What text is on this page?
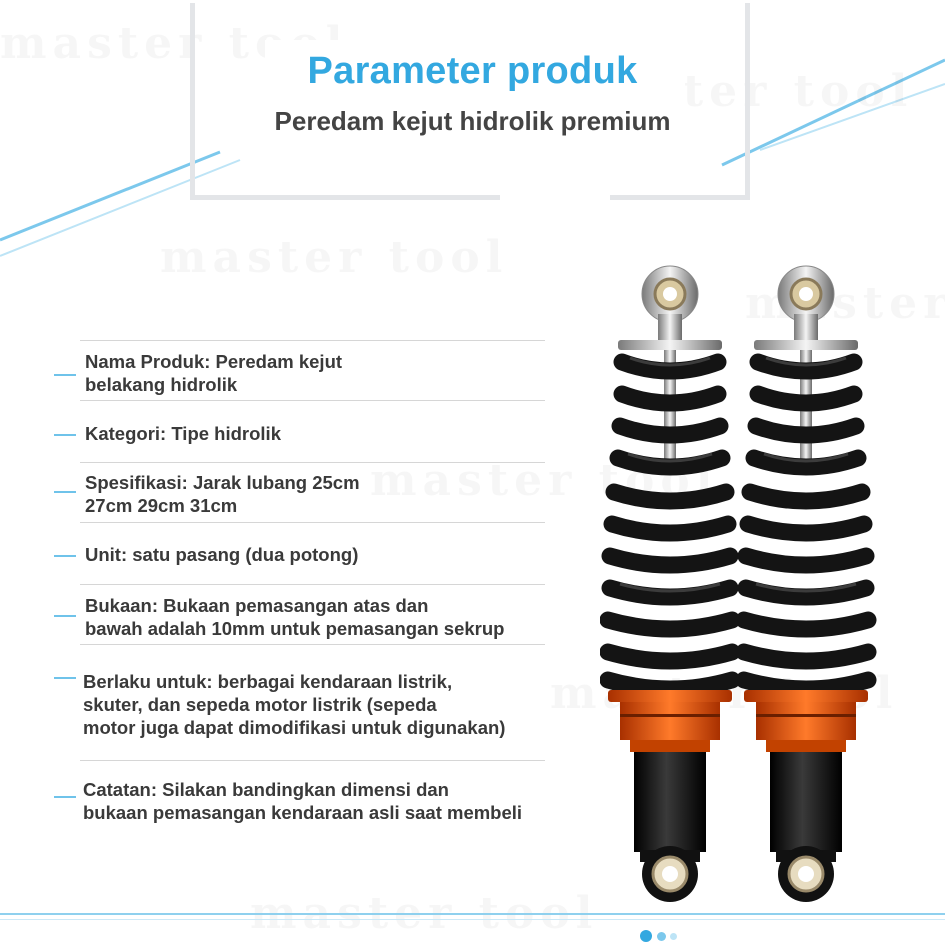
Parameter produk
Peredam kejut hidrolik premium
Nama Produk: Peredam kejut
belakang hidrolik
Kategori: Tipe hidrolik
Spesifikasi: Jarak lubang 25cm
27cm 29cm 31cm
Unit: satu pasang (dua potong)
Bukaan: Bukaan pemasangan atas dan
bawah adalah 10mm untuk pemasangan sekrup
Berlaku untuk: berbagai kendaraan listrik,
skuter, dan sepeda motor listrik (sepeda
motor juga dapat dimodifikasi untuk digunakan)
Catatan: Silakan bandingkan dimensi dan
bukaan pemasangan kendaraan asli saat membeli
